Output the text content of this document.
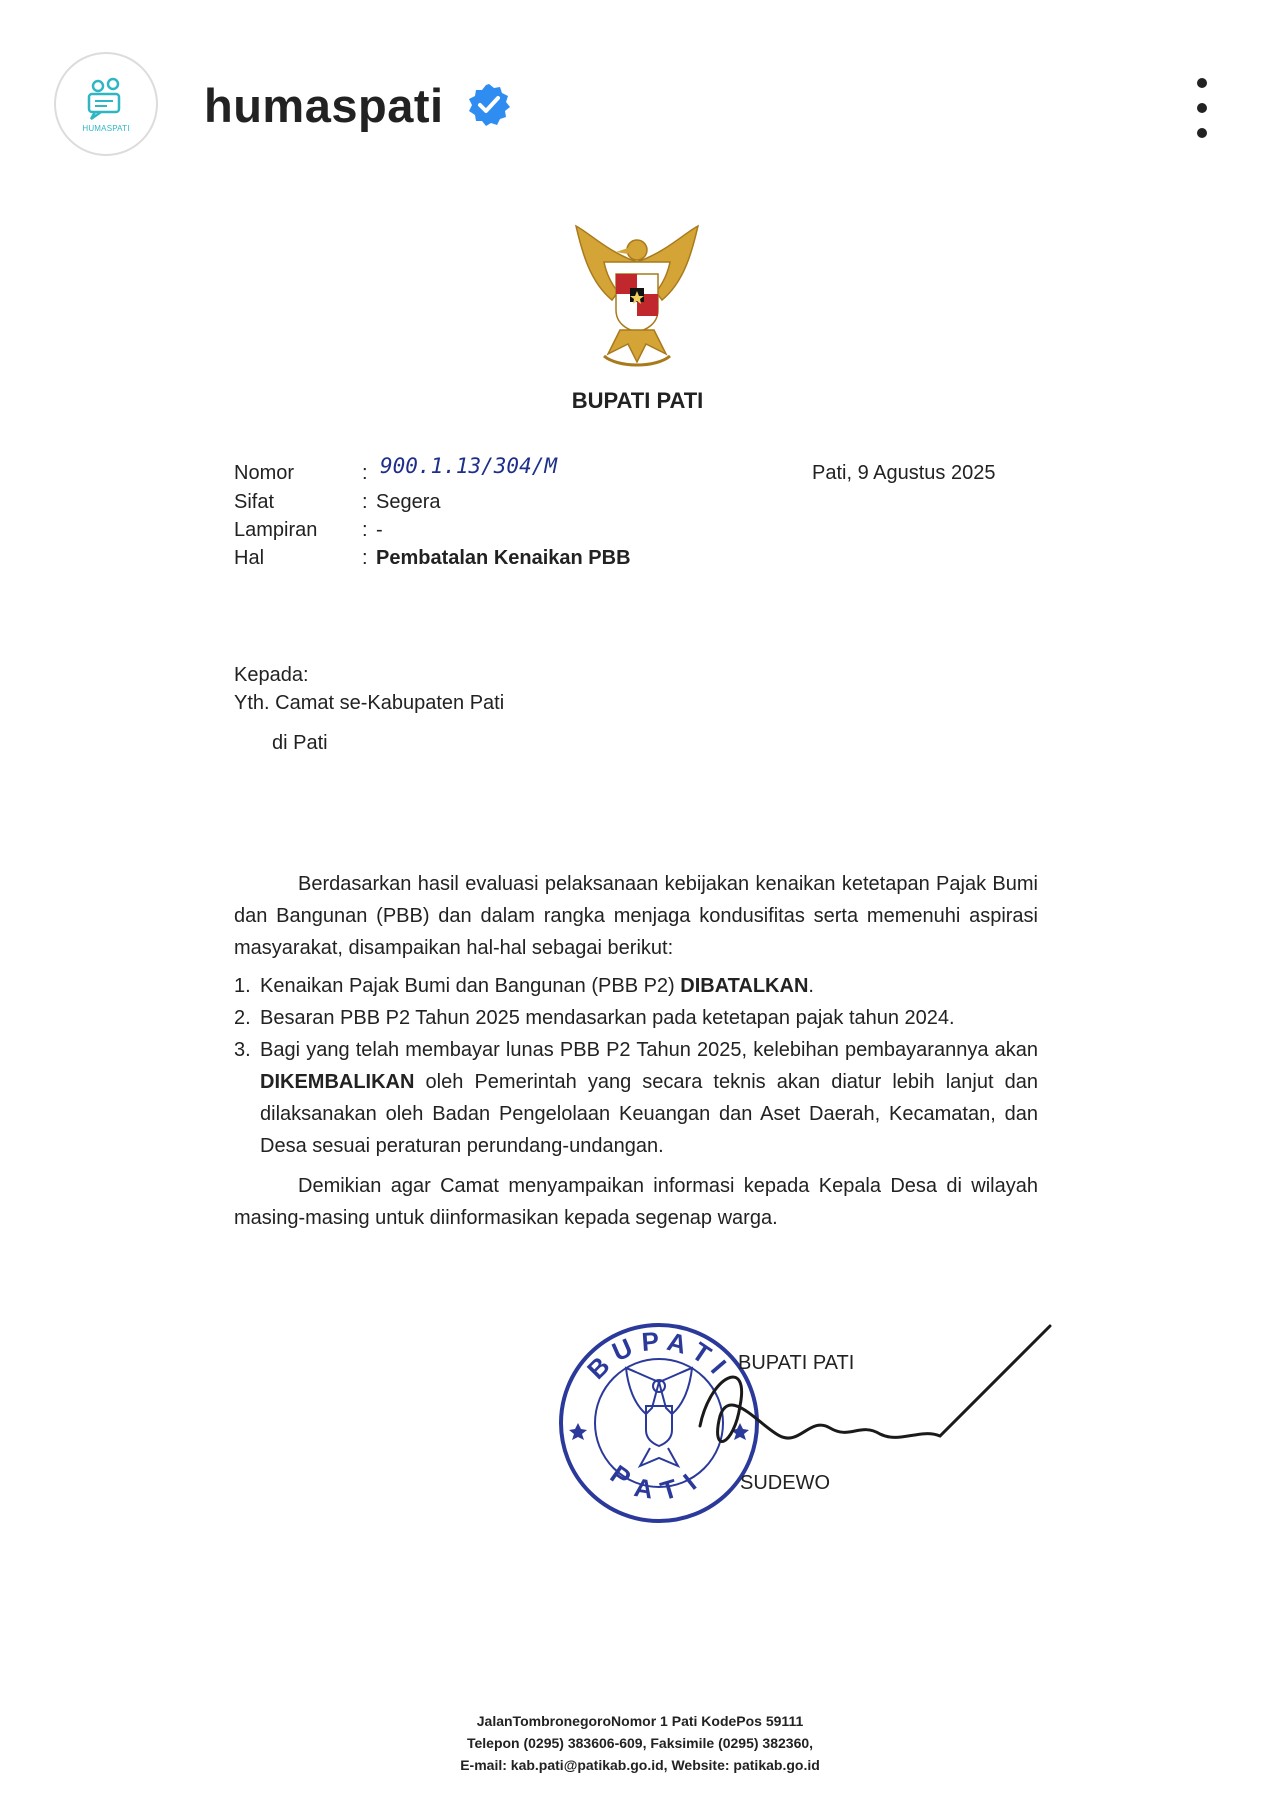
HUMASPATI humaspati
BUPATI PATI
Nomor	: 900.1.13/304/M	Pati, 9 Agustus 2025
Sifat	: Segera
Lampiran : -
Hal	: Pembatalan Kenaikan PBB
Kepada:
Yth. Camat se-Kabupaten Pati
di Pati
Berdasarkan hasil evaluasi pelaksanaan kebijakan kenaikan ketetapan Pajak Bumi dan Bangunan (PBB) dan dalam rangka menjaga kondusifitas serta memenuhi aspirasi masyarakat, disampaikan hal-hal sebagai berikut:
1. Kenaikan Pajak Bumi dan Bangunan (PBB P2) DIBATALKAN.
2. Besaran PBB P2 Tahun 2025 mendasarkan pada ketetapan pajak tahun 2024.
3. Bagi yang telah membayar lunas PBB P2 Tahun 2025, kelebihan pembayarannya akan DIKEMBALIKAN oleh Pemerintah yang secara teknis akan diatur lebih lanjut dan dilaksanakan oleh Badan Pengelolaan Keuangan dan Aset Daerah, Kecamatan, dan Desa sesuai peraturan perundang-undangan.
Demikian agar Camat menyampaikan informasi kepada Kepala Desa di wilayah masing-masing untuk diinformasikan kepada segenap warga.
BUPATI
PATI
BUPATI PATI
SUDEWO
JalanTombronegoroNomor 1 Pati KodePos 59111
Telepon (0295) 383606-609, Faksimile (0295) 382360,
E-mail: kab.pati@patikab.go.id, Website: patikab.go.id
